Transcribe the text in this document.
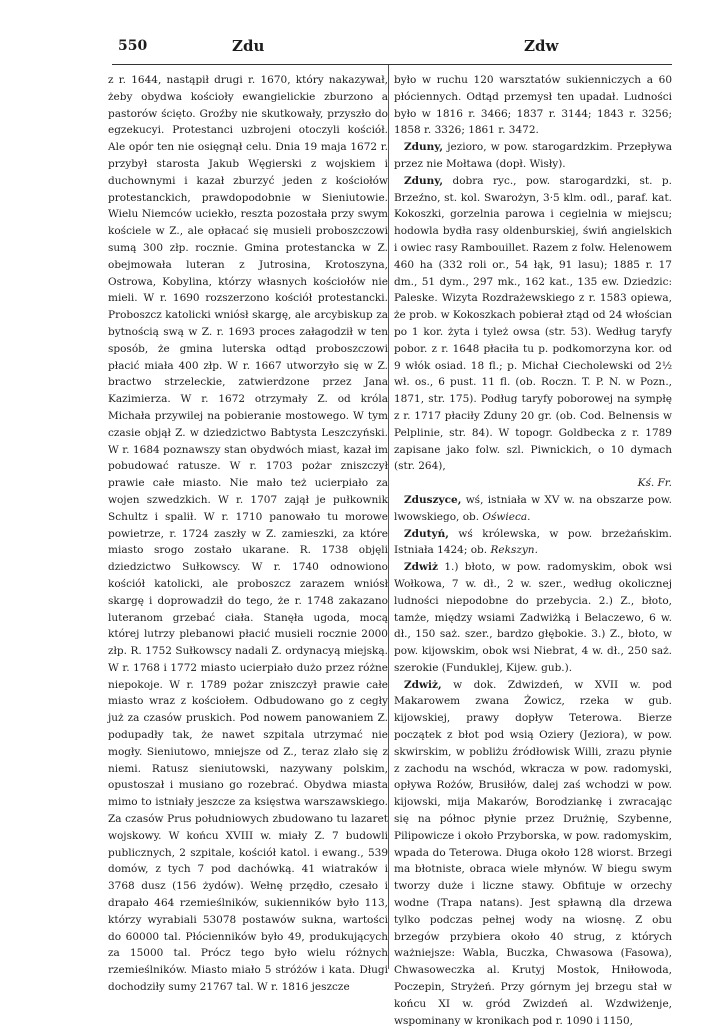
550	Zdu	Zdw

z r. 1644, nastąpił drugi r. 1670, który nakazywał, żeby obydwa kościoły ewangielickie zburzono a pastorów ścięto. Groźby nie skutkowały, przyszło do egzekucyi. Protestanci uzbrojeni otoczyli kościół. Ale opór ten nie osięgnął celu. Dnia 19 maja 1672 r. przybył starosta Jakub Węgierski z wojskiem i duchownymi i kazał zburzyć jeden z kościołów protestanckich, prawdopodobnie w Sieniutowie. Wielu Niemców uciekło, reszta pozostała przy swym kościele w Z., ale opłacać się musieli proboszczowi sumą 300 złp. rocznie. Gmina protestancka w Z. obejmowała luteran z Jutrosina, Krotoszyna, Ostrowa, Kobylina, którzy własnych kościołów nie mieli. W r. 1690 rozszerzono kościół protestancki. Proboszcz katolicki wniósł skargę, ale arcybiskup za bytnością swą w Z. r. 1693 proces załagodził w ten sposób, że gmina luterska odtąd proboszczowi płacić miała 400 złp. W r. 1667 utworzyło się w Z. bractwo strzeleckie, zatwierdzone przez Jana Kazimierza. W r. 1672 otrzymały Z. od króla Michała przywilej na pobieranie mostowego. W tym czasie objął Z. w dziedzictwo Babtysta Leszczyński. W r. 1684 poznawszy stan obydwóch miast, kazał im pobudować ratusze. W r. 1703 pożar zniszczył prawie całe miasto. Nie mało też ucierpiało za wojen szwedzkich. W r. 1707 zajął je pułkownik Schultz i spalił. W r. 1710 panowało tu morowe powietrze, r. 1724 zaszły w Z. zamieszki, za które miasto srogo zostało ukarane. R. 1738 objęli dziedzictwo Sułkowscy. W r. 1740 odnowiono kościół katolicki, ale proboszcz zarazem wniósł skargę i doprowadził do tego, że r. 1748 zakazano luteranom grzebać ciała. Stanęła ugoda, mocą której lutrzy plebanowi płacić musieli rocznie 2000 złp. R. 1752 Sułkowscy nadali Z. ordynacyą miejską. W r. 1768 i 1772 miasto ucierpiało dużo przez różne niepokoje. W r. 1789 pożar zniszczył prawie całe miasto wraz z kościołem. Odbudowano go z cegły już za czasów pruskich. Pod nowem panowaniem Z. podupadły tak, że nawet szpitala utrzymać nie mogły. Sieniutowo, mniejsze od Z., teraz zlało się z niemi. Ratusz sieniutowski, nazywany polskim, opustoszał i musiano go rozebrać. Obydwa miasta mimo to istniały jeszcze za księstwa warszawskiego. Za czasów Prus południowych zbudowano tu lazaret wojskowy. W końcu XVIII w. miały Z. 7 budowli publicznych, 2 szpitale, kościół katol. i ewang., 539 domów, z tych 7 pod dachówką. 41 wiatraków i 3768 dusz (156 żydów). Wełnę przędło, czesało i drapało 464 rzemieślników, sukienników było 113, którzy wyrabiali 53078 postawów sukna, wartości do 60000 tal. Płócienników było 49, produkujących za 15000 tal. Prócz tego było wielu różnych rzemieślników. Miasto miało 5 stróżów i kata. Długi dochodziły sumy 21767 tal. W r. 1816 jeszcze

było w ruchu 120 warsztatów sukienniczych a 60 płóciennych. Odtąd przemysł ten upadał. Ludności było w 1816 r. 3466; 1837 r. 3144; 1843 r. 3256; 1858 r. 3326; 1861 r. 3472.

Zduny, jezioro, w pow. starogardzkim. Przepływa przez nie Mołtawa (dopł. Wisły).

Zduny, dobra ryc., pow. starogardzki, st. p. Brzeźno, st. kol. Swarożyn, 3·5 klm. odl., paraf. kat. Kokoszki, gorzelnia parowa i cegielnia w miejscu; hodowla bydła rasy oldenburskiej, świń angielskich i owiec rasy Rambouillet. Razem z folw. Helenowem 460 ha (332 roli or., 54 łąk, 91 lasu); 1885 r. 17 dm., 51 dym., 297 mk., 162 kat., 135 ew. Dziedzic: Paleske. Wizyta Rozdrażewskiego z r. 1583 opiewa, że prob. w Kokoszkach pobierał ztąd od 24 włościan po 1 kor. żyta i tyleż owsa (str. 53). Według taryfy pobor. z r. 1648 płaciła tu p. podkomorzyna kor. od 9 włók osiad. 18 fl.; p. Michał Ciecholewski od 2½ wł. os., 6 pust. 11 fl. (ob. Roczn. T. P. N. w Pozn., 1871, str. 175). Podług taryfy poborowej na sympłę z r. 1717 płaciły Zduny 20 gr. (ob. Cod. Belnensis w Pelplinie, str. 84). W topogr. Goldbecka z r. 1789 zapisane jako folw. szl. Piwnickich, o 10 dymach (str. 264),

Kś. Fr.

Zduszyce, wś, istniała w XV w. na obszarze pow. lwowskiego, ob. Oświeca.

Zdutyń, wś królewska, w pow. brzeżańskim. Istniała 1424; ob. Rekszyn.

Zdwiż 1.) błoto, w pow. radomyskim, obok wsi Wołkowa, 7 w. dł., 2 w. szer., według okolicznej ludności niepodobne do przebycia. 2.) Z., błoto, tamże, między wsiami Zadwiżką i Belaczewo, 6 w. dł., 150 saż. szer., bardzo głębokie. 3.) Z., błoto, w pow. kijowskim, obok wsi Niebrat, 4 w. dł., 250 saż. szerokie (Funduklej, Kijew. gub.).

Zdwiż, w dok. Zdwizdeń, w XVII w. pod Makarowem zwana Żowicz, rzeka w gub. kijowskiej, prawy dopływ Teterowa. Bierze początek z błot pod wsią Oziery (Jeziora), w pow. skwirskim, w pobliżu źródłowisk Willi, zrazu płynie z zachodu na wschód, wkracza w pow. radomyski, opływa Rożów, Brusiłów, dalej zaś wchodzi w pow. kijowski, mija Makarów, Borodziankę i zwracając się na północ płynie przez Drużnię, Szybenne, Pilipowicze i około Przyborska, w pow. radomyskim, wpada do Teterowa. Długa około 128 wiorst. Brzegi ma błotniste, obraca wiele młynów. W biegu swym tworzy duże i liczne stawy. Obfituje w orzechy wodne (Trapa natans). Jest spławną dla drzewa tylko podczas pełnej wody na wiosnę. Z obu brzegów przybiera około 40 strug, z których ważniejsze: Wabla, Buczka, Chwasowa (Fasowa), Chwasoweczka al. Krutyj Mostok, Hniłowoda, Poczepin, Stryżeń. Przy górnym jej brzegu stał w końcu XI w. gród Zwizdeń al. Wzdwiżenje, wspominany w kronikach pod r. 1090 i 1150,
